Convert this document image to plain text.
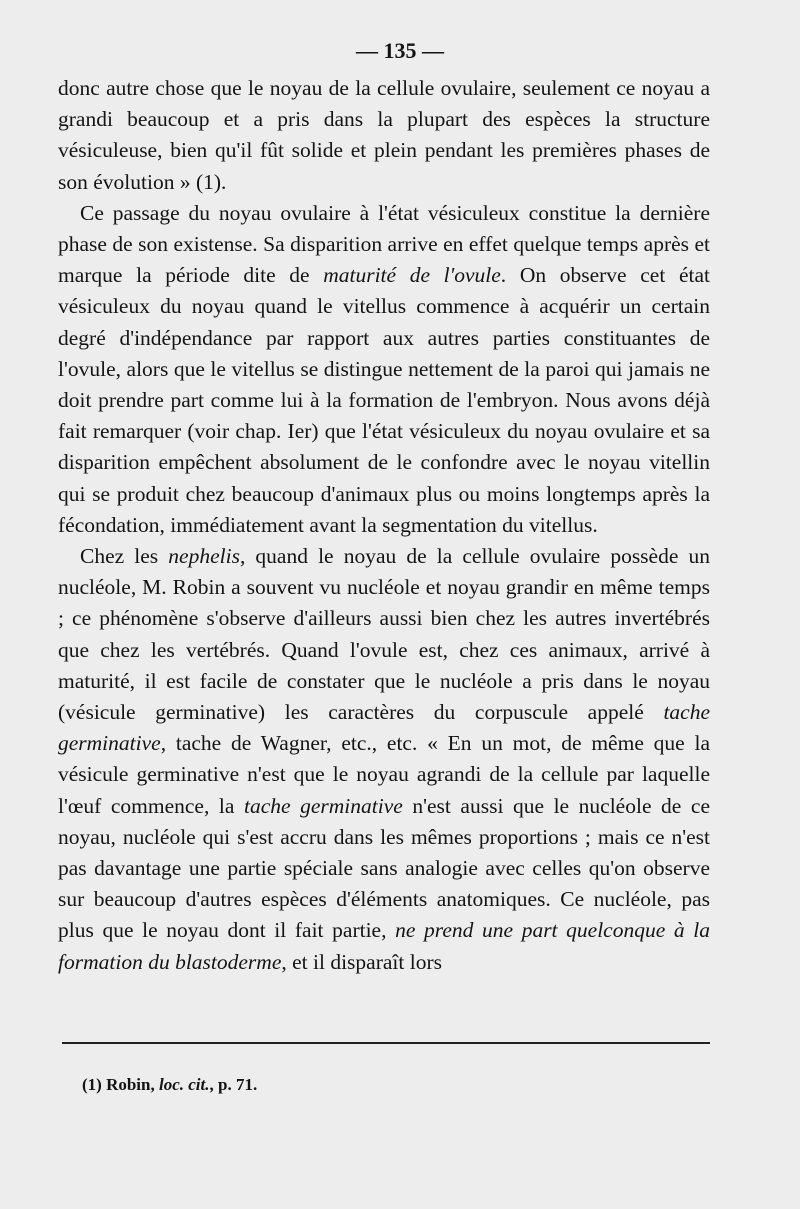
— 135 —

donc autre chose que le noyau de la cellule ovulaire, seulement ce noyau a grandi beaucoup et a pris dans la plupart des espèces la structure vésiculeuse, bien qu'il fût solide et plein pendant les premières phases de son évolution » (1).

Ce passage du noyau ovulaire à l'état vésiculeux constitue la dernière phase de son existense. Sa disparition arrive en effet quelque temps après et marque la période dite de maturité de l'ovule. On observe cet état vésiculeux du noyau quand le vitellus commence à acquérir un certain degré d'indépendance par rapport aux autres parties constituantes de l'ovule, alors que le vitellus se distingue nettement de la paroi qui jamais ne doit prendre part comme lui à la formation de l'embryon. Nous avons déjà fait remarquer (voir chap. Ier) que l'état vésiculeux du noyau ovulaire et sa disparition empêchent absolument de le confondre avec le noyau vitellin qui se produit chez beaucoup d'animaux plus ou moins longtemps après la fécondation, immédiatement avant la segmentation du vitellus.

Chez les nephelis, quand le noyau de la cellule ovulaire possède un nucléole, M. Robin a souvent vu nucléole et noyau grandir en même temps ; ce phénomène s'observe d'ailleurs aussi bien chez les autres invertébrés que chez les vertébrés. Quand l'ovule est, chez ces animaux, arrivé à maturité, il est facile de constater que le nucléole a pris dans le noyau (vésicule germinative) les caractères du corpuscule appelé tache germinative, tache de Wagner, etc., etc. « En un mot, de même que la vésicule germinative n'est que le noyau agrandi de la cellule par laquelle l'œuf commence, la tache germinative n'est aussi que le nucléole de ce noyau, nucléole qui s'est accru dans les mêmes proportions ; mais ce n'est pas davantage une partie spéciale sans analogie avec celles qu'on observe sur beaucoup d'autres espèces d'éléments anatomiques. Ce nucléole, pas plus que le noyau dont il fait partie, ne prend une part quelconque à la formation du blastoderme, et il disparaît lors

(1) Robin, loc. cit., p. 71.
